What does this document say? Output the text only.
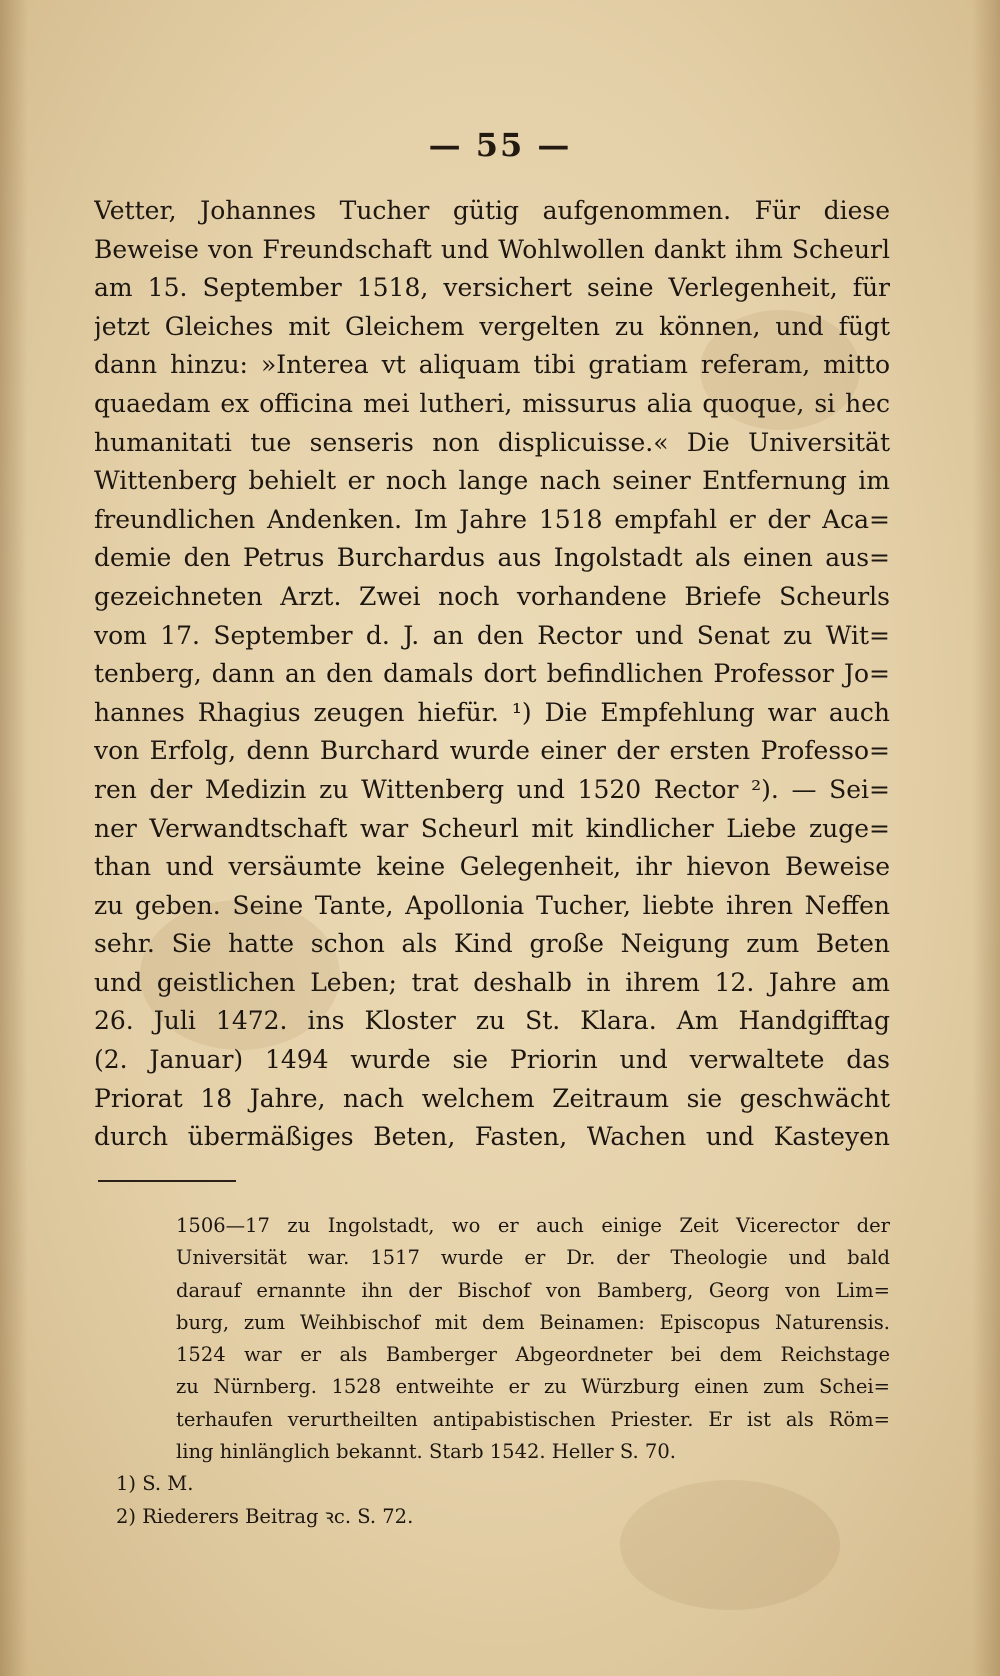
— 55 —
Vetter, Johannes Tucher gütig aufgenommen. Für diese
Beweise von Freundschaft und Wohlwollen dankt ihm Scheurl
am 15. September 1518, versichert seine Verlegenheit, für
jetzt Gleiches mit Gleichem vergelten zu können, und fügt
dann hinzu: »Interea vt aliquam tibi gratiam referam, mitto
quaedam ex officina mei lutheri, missurus alia quoque, si hec
humanitati tue senseris non displicuisse.« Die Universität
Wittenberg behielt er noch lange nach seiner Entfernung im
freundlichen Andenken. Im Jahre 1518 empfahl er der Aca=
demie den Petrus Burchardus aus Ingolstadt als einen aus=
gezeichneten Arzt. Zwei noch vorhandene Briefe Scheurls
vom 17. September d. J. an den Rector und Senat zu Wit=
tenberg, dann an den damals dort befindlichen Professor Jo=
hannes Rhagius zeugen hiefür. ¹) Die Empfehlung war auch
von Erfolg, denn Burchard wurde einer der ersten Professo=
ren der Medizin zu Wittenberg und 1520 Rector ²). — Sei=
ner Verwandtschaft war Scheurl mit kindlicher Liebe zuge=
than und versäumte keine Gelegenheit, ihr hievon Beweise
zu geben. Seine Tante, Apollonia Tucher, liebte ihren Neffen
sehr. Sie hatte schon als Kind große Neigung zum Beten
und geistlichen Leben; trat deshalb in ihrem 12. Jahre am
26. Juli 1472. ins Kloster zu St. Klara. Am Handgifftag
(2. Januar) 1494 wurde sie Priorin und verwaltete das
Priorat 18 Jahre, nach welchem Zeitraum sie geschwächt
durch übermäßiges Beten, Fasten, Wachen und Kasteyen
1506—17 zu Ingolstadt, wo er auch einige Zeit Vicerector der
Universität war. 1517 wurde er Dr. der Theologie und bald
darauf ernannte ihn der Bischof von Bamberg, Georg von Lim=
burg, zum Weihbischof mit dem Beinamen: Episcopus Naturensis.
1524 war er als Bamberger Abgeordneter bei dem Reichstage
zu Nürnberg. 1528 entweihte er zu Würzburg einen zum Schei=
terhaufen verurtheilten antipabistischen Priester. Er ist als Röm=
ling hinlänglich bekannt. Starb 1542. Heller S. 70.
1) S. M.
2) Riederers Beitrag ꝛc. S. 72.
